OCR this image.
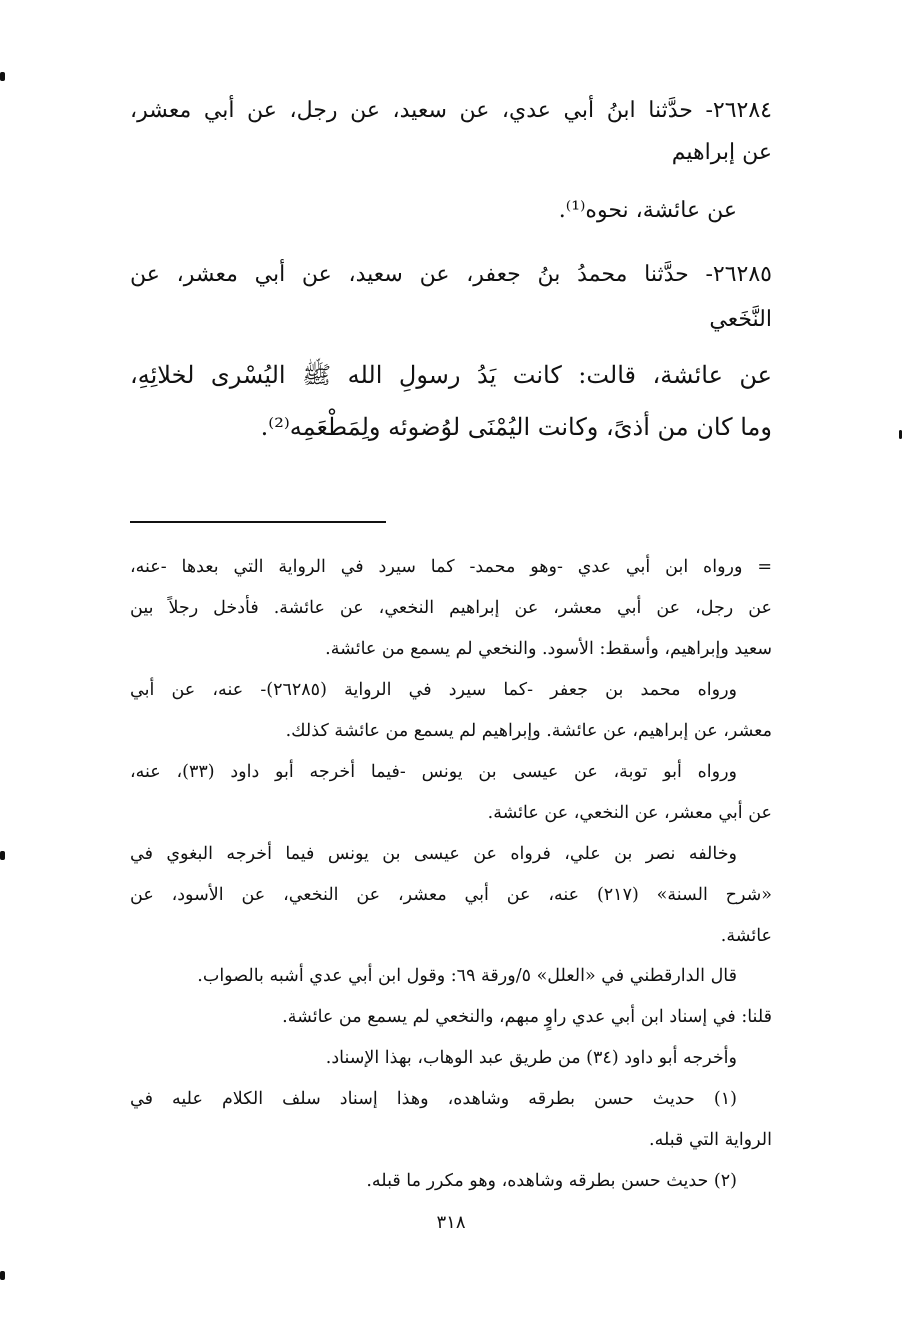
٢٦٢٨٤- حدَّثنا ابنُ أبي عدي، عن سعيد، عن رجل، عن أبي معشر،
عن إبراهيم
عن عائشة، نحوه⁽¹⁾.
٢٦٢٨٥- حدَّثنا محمدُ بنُ جعفر، عن سعيد، عن أبي معشر، عن
النَّخَعي
عن عائشة، قالت: كانت يَدُ رسولِ الله ﷺ اليُسْرى لخلائِهِ،
وما كان من أذىً، وكانت اليُمْنَى لوُضوئه ولِمَطْعَمِه⁽²⁾.
= ورواه ابن أبي عدي -وهو محمد- كما سيرد في الرواية التي بعدها -عنه،
عن رجل، عن أبي معشر، عن إبراهيم النخعي، عن عائشة. فأدخل رجلاً بين
سعيد وإبراهيم، وأسقط: الأسود. والنخعي لم يسمع من عائشة.
ورواه محمد بن جعفر -كما سيرد في الرواية (٢٦٢٨٥)- عنه، عن أبي
معشر، عن إبراهيم، عن عائشة. وإبراهيم لم يسمع من عائشة كذلك.
ورواه أبو توبة، عن عيسى بن يونس -فيما أخرجه أبو داود (٣٣)، عنه،
عن أبي معشر، عن النخعي، عن عائشة.
وخالفه نصر بن علي، فرواه عن عيسى بن يونس فيما أخرجه البغوي في
«شرح السنة» (٢١٧) عنه، عن أبي معشر، عن النخعي، عن الأسود، عن
عائشة.
قال الدارقطني في «العلل» ٥/ورقة ٦٩: وقول ابن أبي عدي أشبه بالصواب.
قلنا: في إسناد ابن أبي عدي راوٍ مبهم، والنخعي لم يسمع من عائشة.
وأخرجه أبو داود (٣٤) من طريق عبد الوهاب، بهذا الإسناد.
(١) حديث حسن بطرقه وشاهده، وهذا إسناد سلف الكلام عليه في
الرواية التي قبله.
(٢) حديث حسن بطرقه وشاهده، وهو مكرر ما قبله.
٣١٨
